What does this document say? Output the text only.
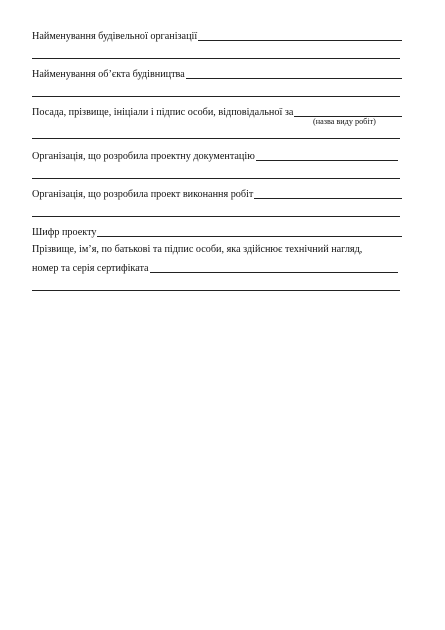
Найменування будівельної організації
Найменування об’єкта будівництва
Посада, прізвище, ініціали і підпис особи, відповідальної за
(назва виду робіт)
Організація, що розробила проектну документацію
Організація, що розробила проект виконання робіт
Шифр проекту
Прізвище, ім’я, по батькові та підпис особи, яка здійснює технічний нагляд,
номер та серія сертифіката
